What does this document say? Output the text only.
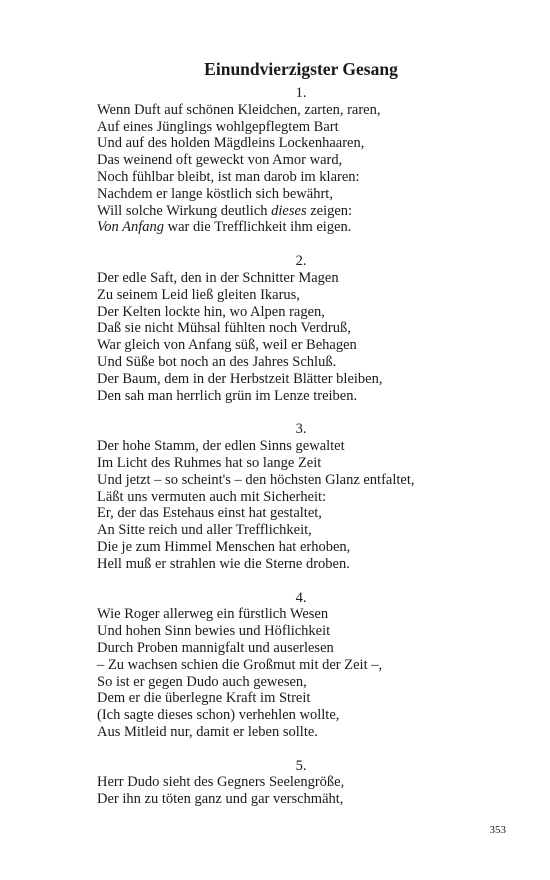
Einundvierzigster Gesang
1.
Wenn Duft auf schönen Kleidchen, zarten, raren,
Auf eines Jünglings wohlgepflegtem Bart
Und auf des holden Mägdleins Lockenhaaren,
Das weinend oft geweckt von Amor ward,
Noch fühlbar bleibt, ist man darob im klaren:
Nachdem er lange köstlich sich bewährt,
Will solche Wirkung deutlich dieses zeigen:
Von Anfang war die Trefflichkeit ihm eigen.
2.
Der edle Saft, den in der Schnitter Magen
Zu seinem Leid ließ gleiten Ikarus,
Der Kelten lockte hin, wo Alpen ragen,
Daß sie nicht Mühsal fühlten noch Verdruß,
War gleich von Anfang süß, weil er Behagen
Und Süße bot noch an des Jahres Schluß.
Der Baum, dem in der Herbstzeit Blätter bleiben,
Den sah man herrlich grün im Lenze treiben.
3.
Der hohe Stamm, der edlen Sinns gewaltet
Im Licht des Ruhmes hat so lange Zeit
Und jetzt – so scheint's – den höchsten Glanz entfaltet,
Läßt uns vermuten auch mit Sicherheit:
Er, der das Estehaus einst hat gestaltet,
An Sitte reich und aller Trefflichkeit,
Die je zum Himmel Menschen hat erhoben,
Hell muß er strahlen wie die Sterne droben.
4.
Wie Roger allerweg ein fürstlich Wesen
Und hohen Sinn bewies und Höflichkeit
Durch Proben mannigfalt und auserlesen
– Zu wachsen schien die Großmut mit der Zeit –,
So ist er gegen Dudo auch gewesen,
Dem er die überlegne Kraft im Streit
(Ich sagte dieses schon) verhehlen wollte,
Aus Mitleid nur, damit er leben sollte.
5.
Herr Dudo sieht des Gegners Seelengröße,
Der ihn zu töten ganz und gar verschmäht,
353
